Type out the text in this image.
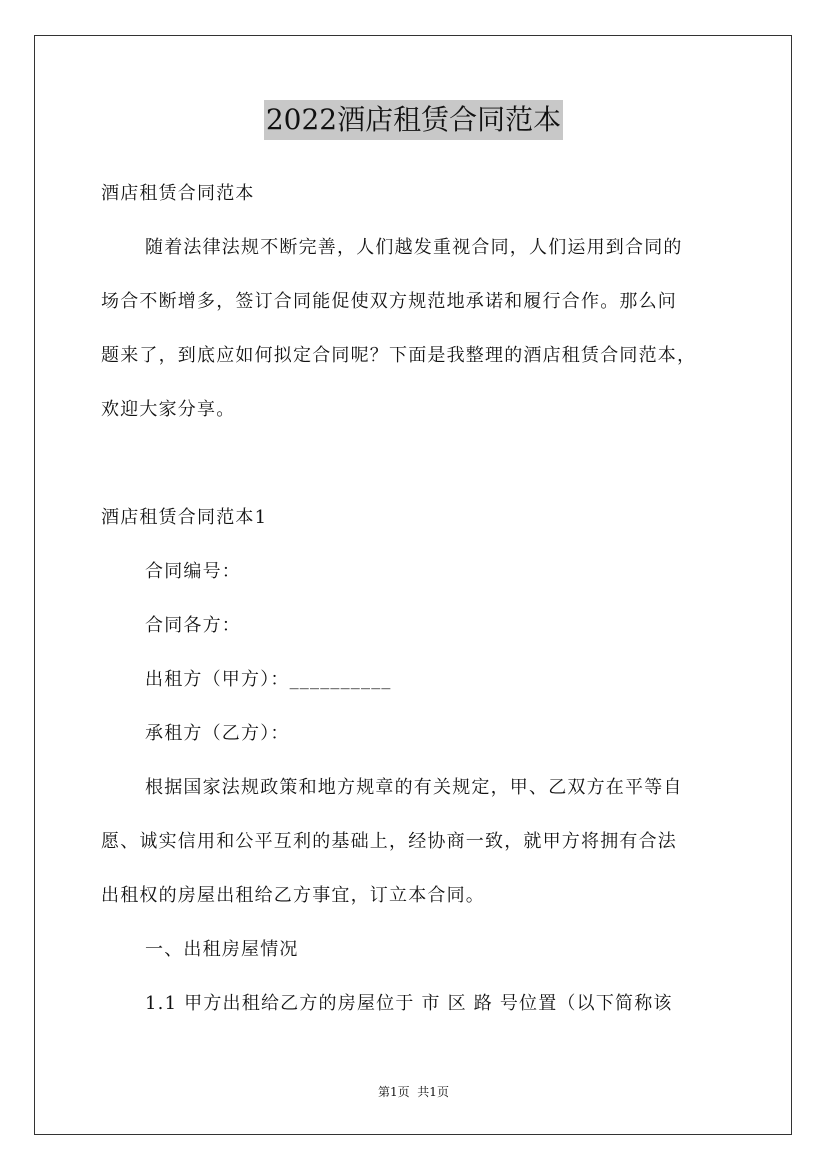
2022酒店租赁合同范本
酒店租赁合同范本
随着法律法规不断完善，人们越发重视合同，人们运用到合同的
场合不断增多，签订合同能促使双方规范地承诺和履行合作。那么问
题来了，到底应如何拟定合同呢？下面是我整理的酒店租赁合同范本，
欢迎大家分享。
酒店租赁合同范本1
合同编号：
合同各方：
出租方（甲方）：__________
承租方（乙方）：
根据国家法规政策和地方规章的有关规定，甲、乙双方在平等自
愿、诚实信用和公平互利的基础上，经协商一致，就甲方将拥有合法
出租权的房屋出租给乙方事宜，订立本合同。
一、出租房屋情况
1.1 甲方出租给乙方的房屋位于 市 区 路 号位置（以下简称该
第1页  共1页
